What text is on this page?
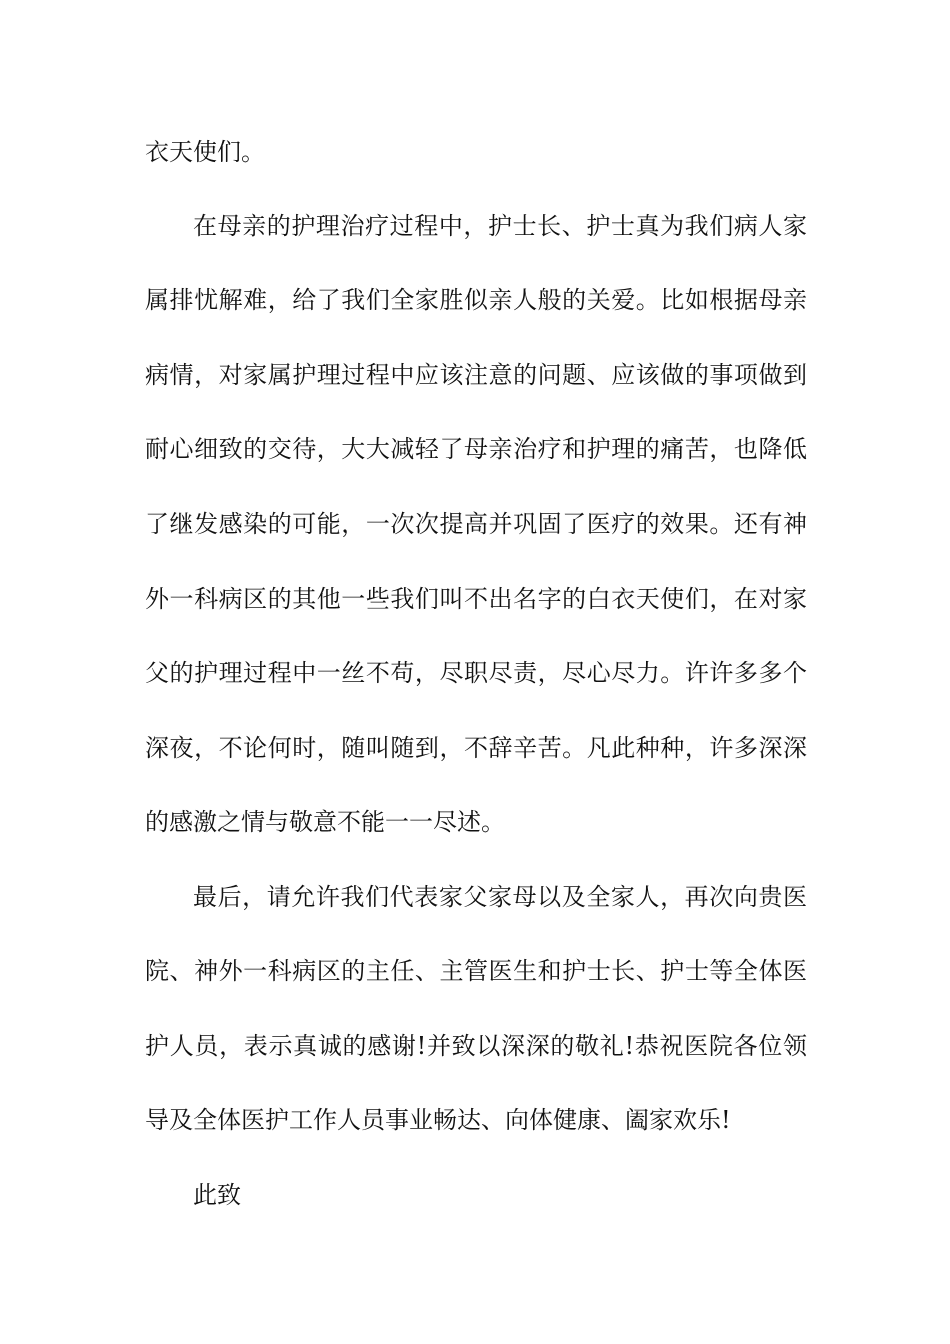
衣天使们。
在母亲的护理治疗过程中，护士长、护士真为我们病人家
属排忧解难，给了我们全家胜似亲人般的关爱。比如根据母亲
病情，对家属护理过程中应该注意的问题、应该做的事项做到
耐心细致的交待，大大减轻了母亲治疗和护理的痛苦，也降低
了继发感染的可能，一次次提高并巩固了医疗的效果。还有神
外一科病区的其他一些我们叫不出名字的白衣天使们，在对家
父的护理过程中一丝不苟，尽职尽责，尽心尽力。许许多多个
深夜，不论何时，随叫随到，不辞辛苦。凡此种种，许多深深
的感激之情与敬意不能一一尽述。
最后，请允许我们代表家父家母以及全家人，再次向贵医
院、神外一科病区的主任、主管医生和护士长、护士等全体医
护人员，表示真诚的感谢!并致以深深的敬礼!恭祝医院各位领
导及全体医护工作人员事业畅达、向体健康、阖家欢乐!
此致
